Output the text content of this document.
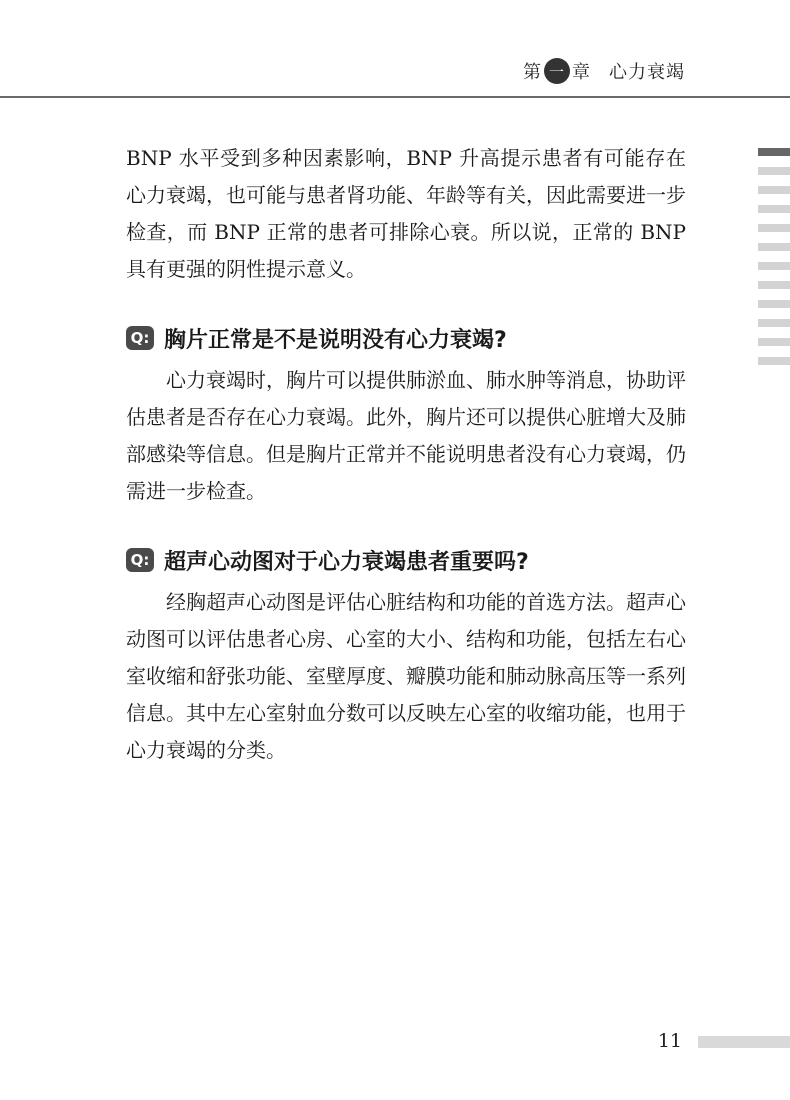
第 一 章 心力衰竭

BNP 水平受到多种因素影响，BNP 升高提示患者有可能存在心力衰竭，也可能与患者肾功能、年龄等有关，因此需要进一步检查，而 BNP 正常的患者可排除心衰。所以说，正常的 BNP 具有更强的阴性提示意义。

Q: 胸片正常是不是说明没有心力衰竭?

心力衰竭时，胸片可以提供肺淤血、肺水肿等消息，协助评估患者是否存在心力衰竭。此外，胸片还可以提供心脏增大及肺部感染等信息。但是胸片正常并不能说明患者没有心力衰竭，仍需进一步检查。

Q: 超声心动图对于心力衰竭患者重要吗?

经胸超声心动图是评估心脏结构和功能的首选方法。超声心动图可以评估患者心房、心室的大小、结构和功能，包括左右心室收缩和舒张功能、室壁厚度、瓣膜功能和肺动脉高压等一系列信息。其中左心室射血分数可以反映左心室的收缩功能，也用于心力衰竭的分类。

11
